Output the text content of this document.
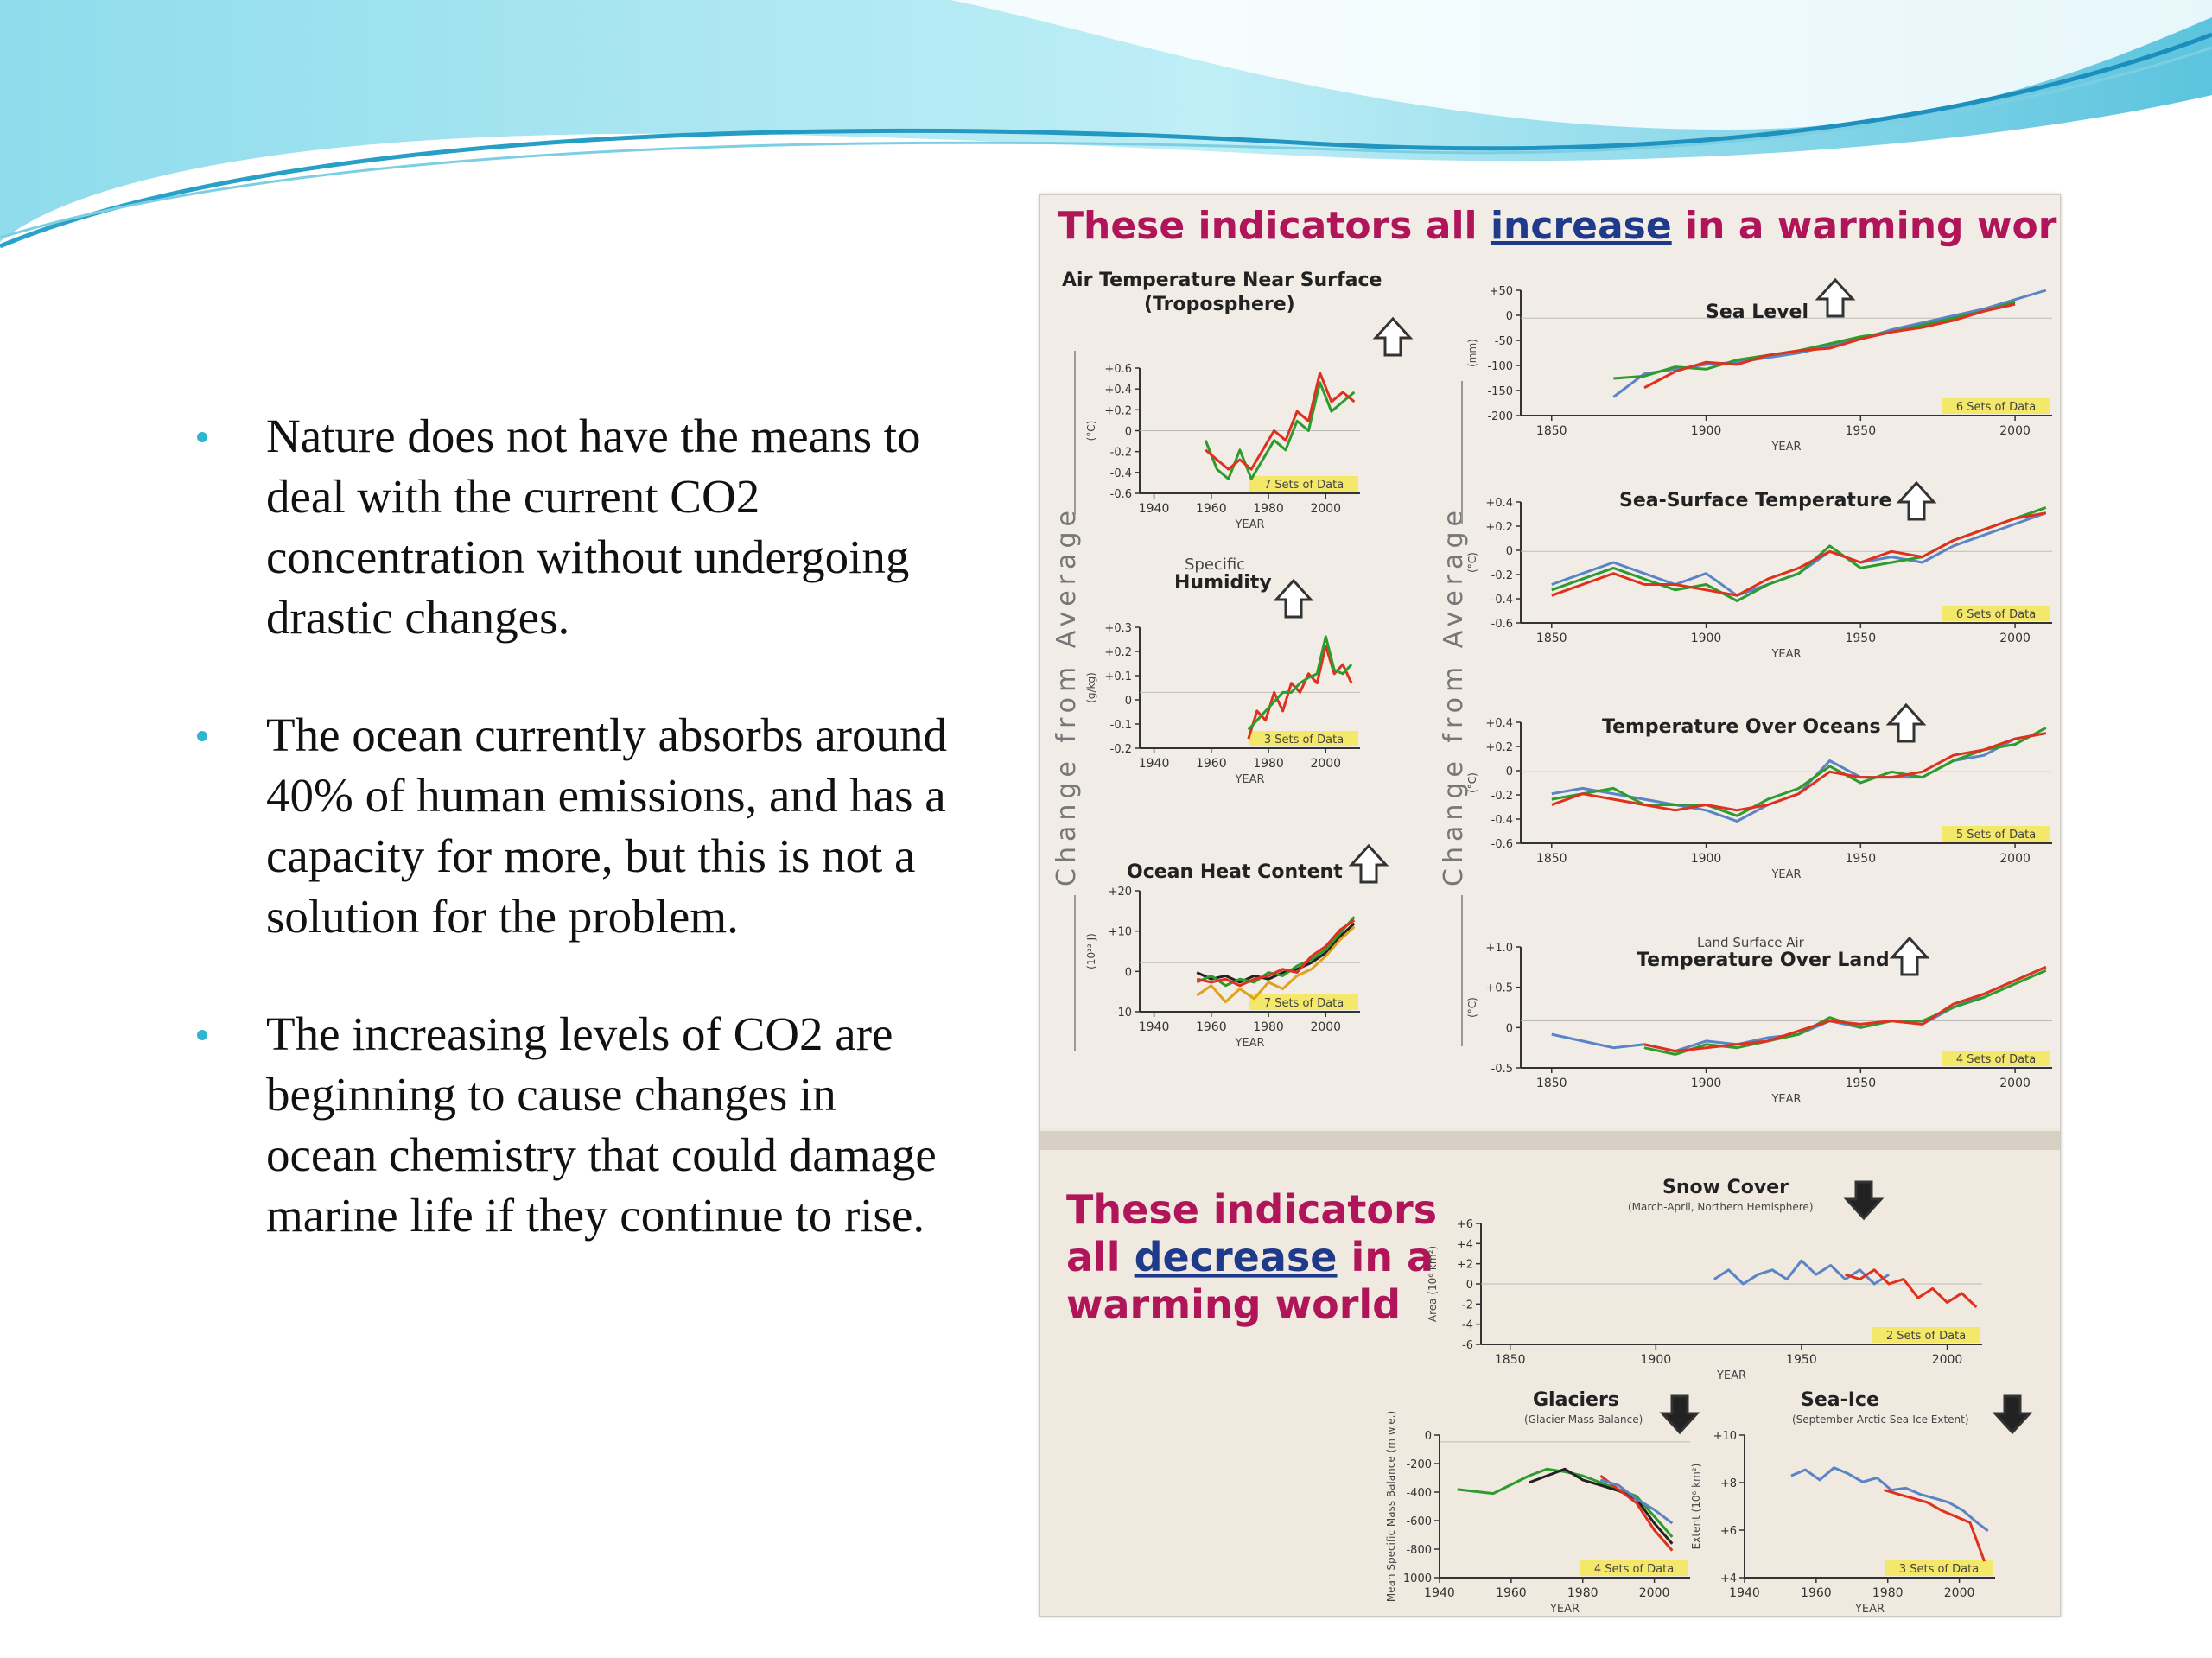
Nature does not have the means to deal with the current CO2 concentration without undergoing drastic changes.
The ocean currently absorbs around 40% of human emissions, and has a capacity for more, but this is not a solution for the problem.
The increasing levels of CO2 are beginning to cause changes in ocean chemistry that could damage marine life if they continue to rise.
These indicators all increase in a warming world
These indicators
all decrease in a
warming world
Change from Average	Change from Average
7 Sets of Data
+0.6
+0.4
+0.2
0
-0.2
-0.4
-0.6
1940 1960 1980 2000
YEAR
(°C)
Air Temperature Near Surface
(Troposphere)
3 Sets of Data
+0.3
+0.2
+0.1
0
-0.1
-0.2
1940 1960 1980 2000
YEAR
(g/kg)
Specific
Humidity
7 Sets of Data
+20
+10
0
-10
1940 1960 1980 2000
YEAR
(10²² J)
Ocean Heat Content
6 Sets of Data
+50
0
-50
-100
-150
-200
1850	1900	1950	2000
YEAR
(mm)
Sea Level
6 Sets of Data
+0.4
+0.2
0
-0.2
-0.4
-0.6
1850	1900	1950	2000
YEAR
(°C)
Sea-Surface Temperature
5 Sets of Data
+0.4
+0.2
0
-0.2
-0.4
-0.6
1850	1900	1950	2000
YEAR
(°C)
Temperature Over Oceans
4 Sets of Data
+1.0
+0.5
0
-0.5
1850	1900	1950	2000
YEAR
(°C)
Land Surface Air
Temperature Over Land
2 Sets of Data
+6
+4
+2
0
-2
-4
-6
1850	1900	1950	2000
YEAR
Area (10⁶ km²)
Snow Cover
(March-April, Northern Hemisphere)
4 Sets of Data
0
-200
-400
-600
-800
-1000
1940	1960	1980	2000
YEAR
Mean Specific Mass Balance (m w.e.)
Glaciers
(Glacier Mass Balance)
3 Sets of Data
+10
+8
+6
+4
1940	1960	1980	2000
YEAR
Extent (10⁶ km²)
Sea-Ice
(September Arctic Sea-Ice Extent)
